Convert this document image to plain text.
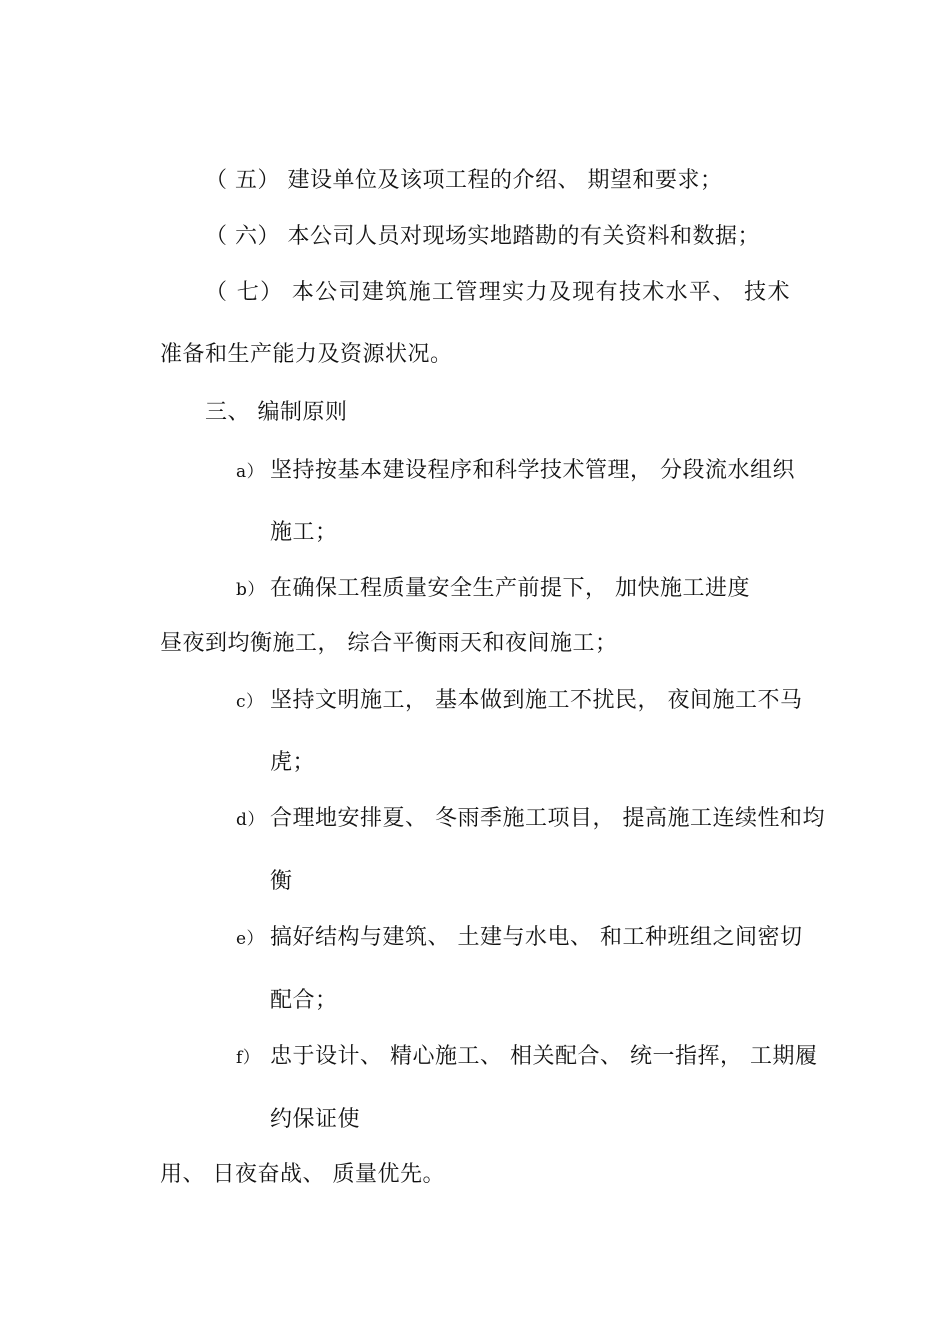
（ 五） 建设单位及该项工程的介绍、 期望和要求；
（ 六） 本公司人员对现场实地踏勘的有关资料和数据；
（ 七） 本公司建筑施工管理实力及现有技术水平、 技术
准备和生产能力及资源状况。
三、 编制原则
a） 坚持按基本建设程序和科学技术管理， 分段流水组织
施工；
b） 在确保工程质量安全生产前提下， 加快施工进度
昼夜到均衡施工， 综合平衡雨天和夜间施工；
c） 坚持文明施工， 基本做到施工不扰民， 夜间施工不马
虎；
d） 合理地安排夏、 冬雨季施工项目， 提高施工连续性和均
衡
e） 搞好结构与建筑、 土建与水电、 和工种班组之间密切
配合；
f） 忠于设计、 精心施工、 相关配合、 统一指挥， 工期履
约保证使
用、 日夜奋战、 质量优先。
